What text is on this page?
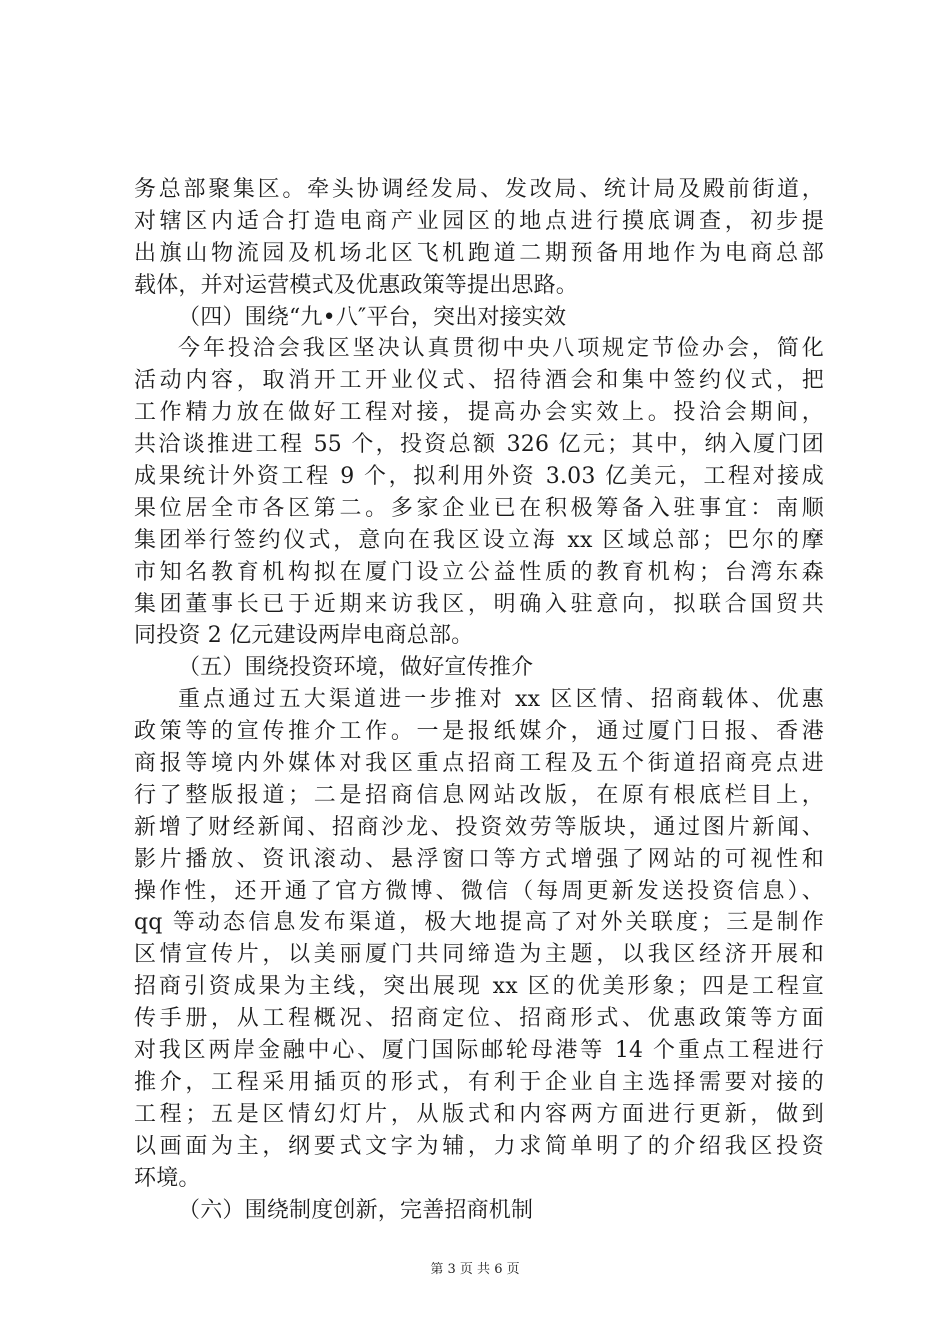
务总部聚集区。牵头协调经发局、发改局、统计局及殿前街道，
对辖区内适合打造电商产业园区的地点进行摸底调查，初步提
出旗山物流园及机场北区飞机跑道二期预备用地作为电商总部
载体，并对运营模式及优惠政策等提出思路。
（四）围绕“九•八″平台，突出对接实效
今年投洽会我区坚决认真贯彻中央八项规定节俭办会，简化
活动内容，取消开工开业仪式、招待酒会和集中签约仪式，把
工作精力放在做好工程对接，提高办会实效上。投洽会期间，
共洽谈推进工程 55 个，投资总额 326 亿元；其中，纳入厦门团
成果统计外资工程 9 个，拟利用外资 3.03 亿美元，工程对接成
果位居全市各区第二。多家企业已在积极筹备入驻事宜：南顺
集团举行签约仪式，意向在我区设立海 xx 区域总部；巴尔的摩
市知名教育机构拟在厦门设立公益性质的教育机构；台湾东森
集团董事长已于近期来访我区，明确入驻意向，拟联合国贸共
同投资 2 亿元建设两岸电商总部。
（五）围绕投资环境，做好宣传推介
重点通过五大渠道进一步推对 xx 区区情、招商载体、优惠
政策等的宣传推介工作。一是报纸媒介，通过厦门日报、香港
商报等境内外媒体对我区重点招商工程及五个街道招商亮点进
行了整版报道；二是招商信息网站改版，在原有根底栏目上，
新增了财经新闻、招商沙龙、投资效劳等版块，通过图片新闻、
影片播放、资讯滚动、悬浮窗口等方式增强了网站的可视性和
操作性，还开通了官方微博、微信（每周更新发送投资信息）、
qq 等动态信息发布渠道，极大地提高了对外关联度；三是制作
区情宣传片，以美丽厦门共同缔造为主题，以我区经济开展和
招商引资成果为主线，突出展现 xx 区的优美形象；四是工程宣
传手册，从工程概况、招商定位、招商形式、优惠政策等方面
对我区两岸金融中心、厦门国际邮轮母港等 14 个重点工程进行
推介，工程采用插页的形式，有利于企业自主选择需要对接的
工程；五是区情幻灯片，从版式和内容两方面进行更新，做到
以画面为主，纲要式文字为辅，力求简单明了的介绍我区投资
环境。
（六）围绕制度创新，完善招商机制
第 3 页 共 6 页
